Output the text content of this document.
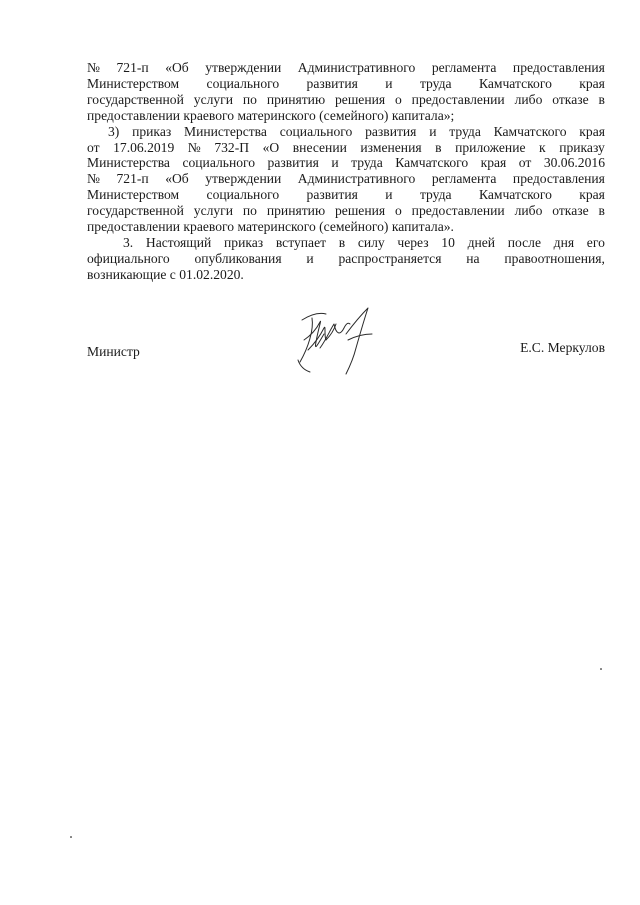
№ 721-п «Об утверждении Административного регламента предоставления
Министерством социального развития и труда Камчатского края
государственной услуги по принятию решения о предоставлении либо отказе в
предоставлении краевого материнского (семейного) капитала»;
3) приказ Министерства социального развития и труда Камчатского края
от 17.06.2019 № 732-П «О внесении изменения в приложение к приказу
Министерства социального развития и труда Камчатского края от 30.06.2016
№ 721-п «Об утверждении Административного регламента предоставления
Министерством социального развития и труда Камчатского края
государственной услуги по принятию решения о предоставлении либо отказе в
предоставлении краевого материнского (семейного) капитала».
3. Настоящий приказ вступает в силу через 10 дней после дня его
официального опубликования и распространяется на правоотношения,
возникающие с 01.02.2020.
Министр	Е.С. Меркулов
